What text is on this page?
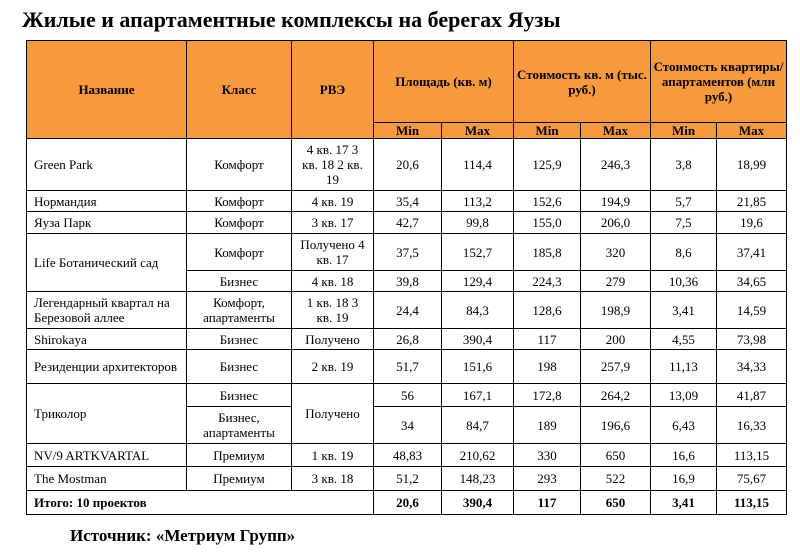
Жилые и апартаментные комплексы на берегах Яузы
Название	Класс	РВЭ	Площадь (кв. м)		Стоимость кв. м (тыс. руб.)		Стоимость квартиры/ апартаментов (млн руб.)	
			Min	Max	Min	Max	Min	Max
Green Park	Комфорт	4 кв. 17 3 кв. 18 2 кв. 19	20,6	114,4	125,9	246,3	3,8	18,99
Нормандия	Комфорт	4 кв. 19	35,4	113,2	152,6	194,9	5,7	21,85
Яуза Парк	Комфорт	3 кв. 17	42,7	99,8	155,0	206,0	7,5	19,6
Life Ботанический сад	Комфорт	Получено 4 кв. 17	37,5	152,7	185,8	320	8,6	37,41
	Бизнес	4 кв. 18	39,8	129,4	224,3	279	10,36	34,65
Легендарный квартал на Березовой аллее	Комфорт, апартаменты	1 кв. 18 3 кв. 19	24,4	84,3	128,6	198,9	3,41	14,59
Shirokaya	Бизнес	Получено	26,8	390,4	117	200	4,55	73,98
Резиденции архитекторов	Бизнес	2 кв. 19	51,7	151,6	198	257,9	11,13	34,33
Триколор	Бизнес	Получено	56	167,1	172,8	264,2	13,09	41,87

	Бизнес, апартаменты		34	84,7	189	196,6	6,43	16,33
NV/9 ARTKVARTAL	Премиум	1 кв. 19	48,83	210,62	330	650	16,6	113,15
The Mostman	Премиум	3 кв. 18	51,2	148,23	293	522	16,9	75,67
Итого: 10 проектов			20,6	390,4	117	650	3,41	113,15
Источник: «Метриум Групп»
